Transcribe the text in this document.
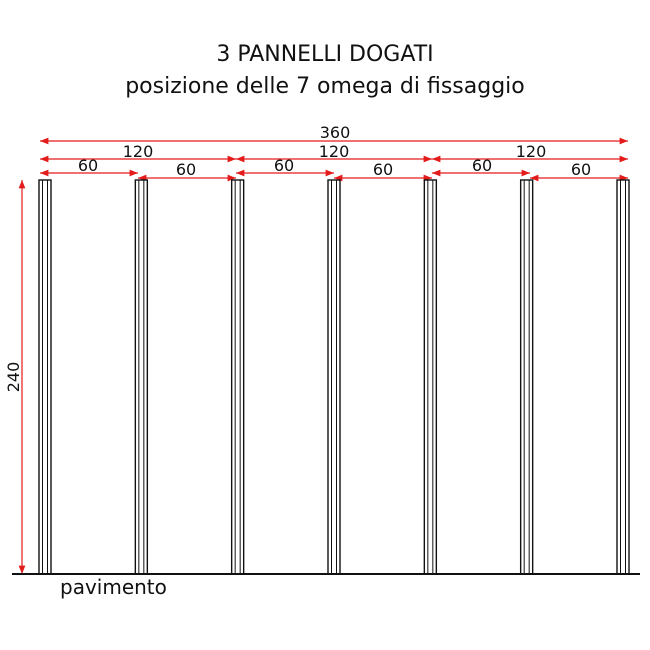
3 PANNELLI DOGATI
posizione delle 7 omega di fissaggio
360
120	120	120
60	60	60	60	60	60
240
pavimento
